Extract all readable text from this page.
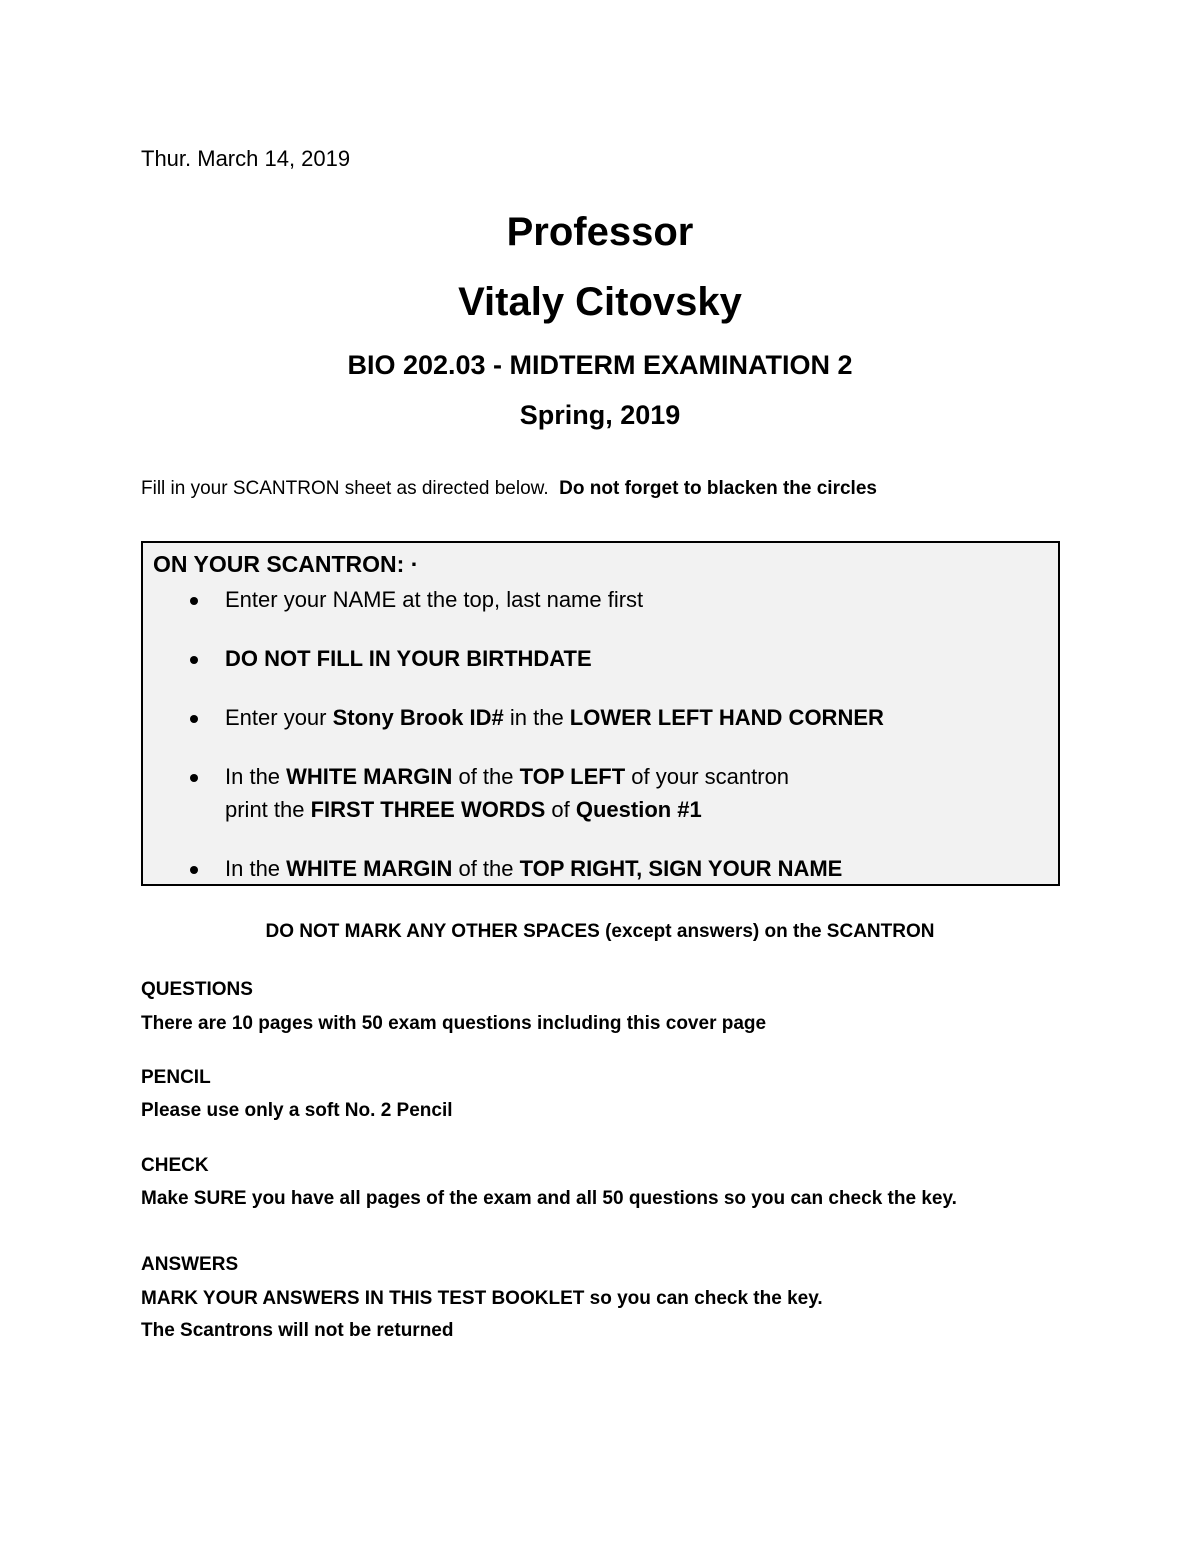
Thur. March 14, 2019
Professor
Vitaly Citovsky
BIO 202.03 - MIDTERM EXAMINATION 2
Spring, 2019
Fill in your SCANTRON sheet as directed below. Do not forget to blacken the circles
ON YOUR SCANTRON: ·
Enter your NAME at the top, last name first
DO NOT FILL IN YOUR BIRTHDATE
Enter your Stony Brook ID# in the LOWER LEFT HAND CORNER
In the WHITE MARGIN of the TOP LEFT of your scantron
print the FIRST THREE WORDS of Question #1
In the WHITE MARGIN of the TOP RIGHT, SIGN YOUR NAME
DO NOT MARK ANY OTHER SPACES (except answers) on the SCANTRON
QUESTIONS
There are 10 pages with 50 exam questions including this cover page
PENCIL
Please use only a soft No. 2 Pencil
CHECK
Make SURE you have all pages of the exam and all 50 questions so you can check the key.
ANSWERS
MARK YOUR ANSWERS IN THIS TEST BOOKLET so you can check the key.
The Scantrons will not be returned
